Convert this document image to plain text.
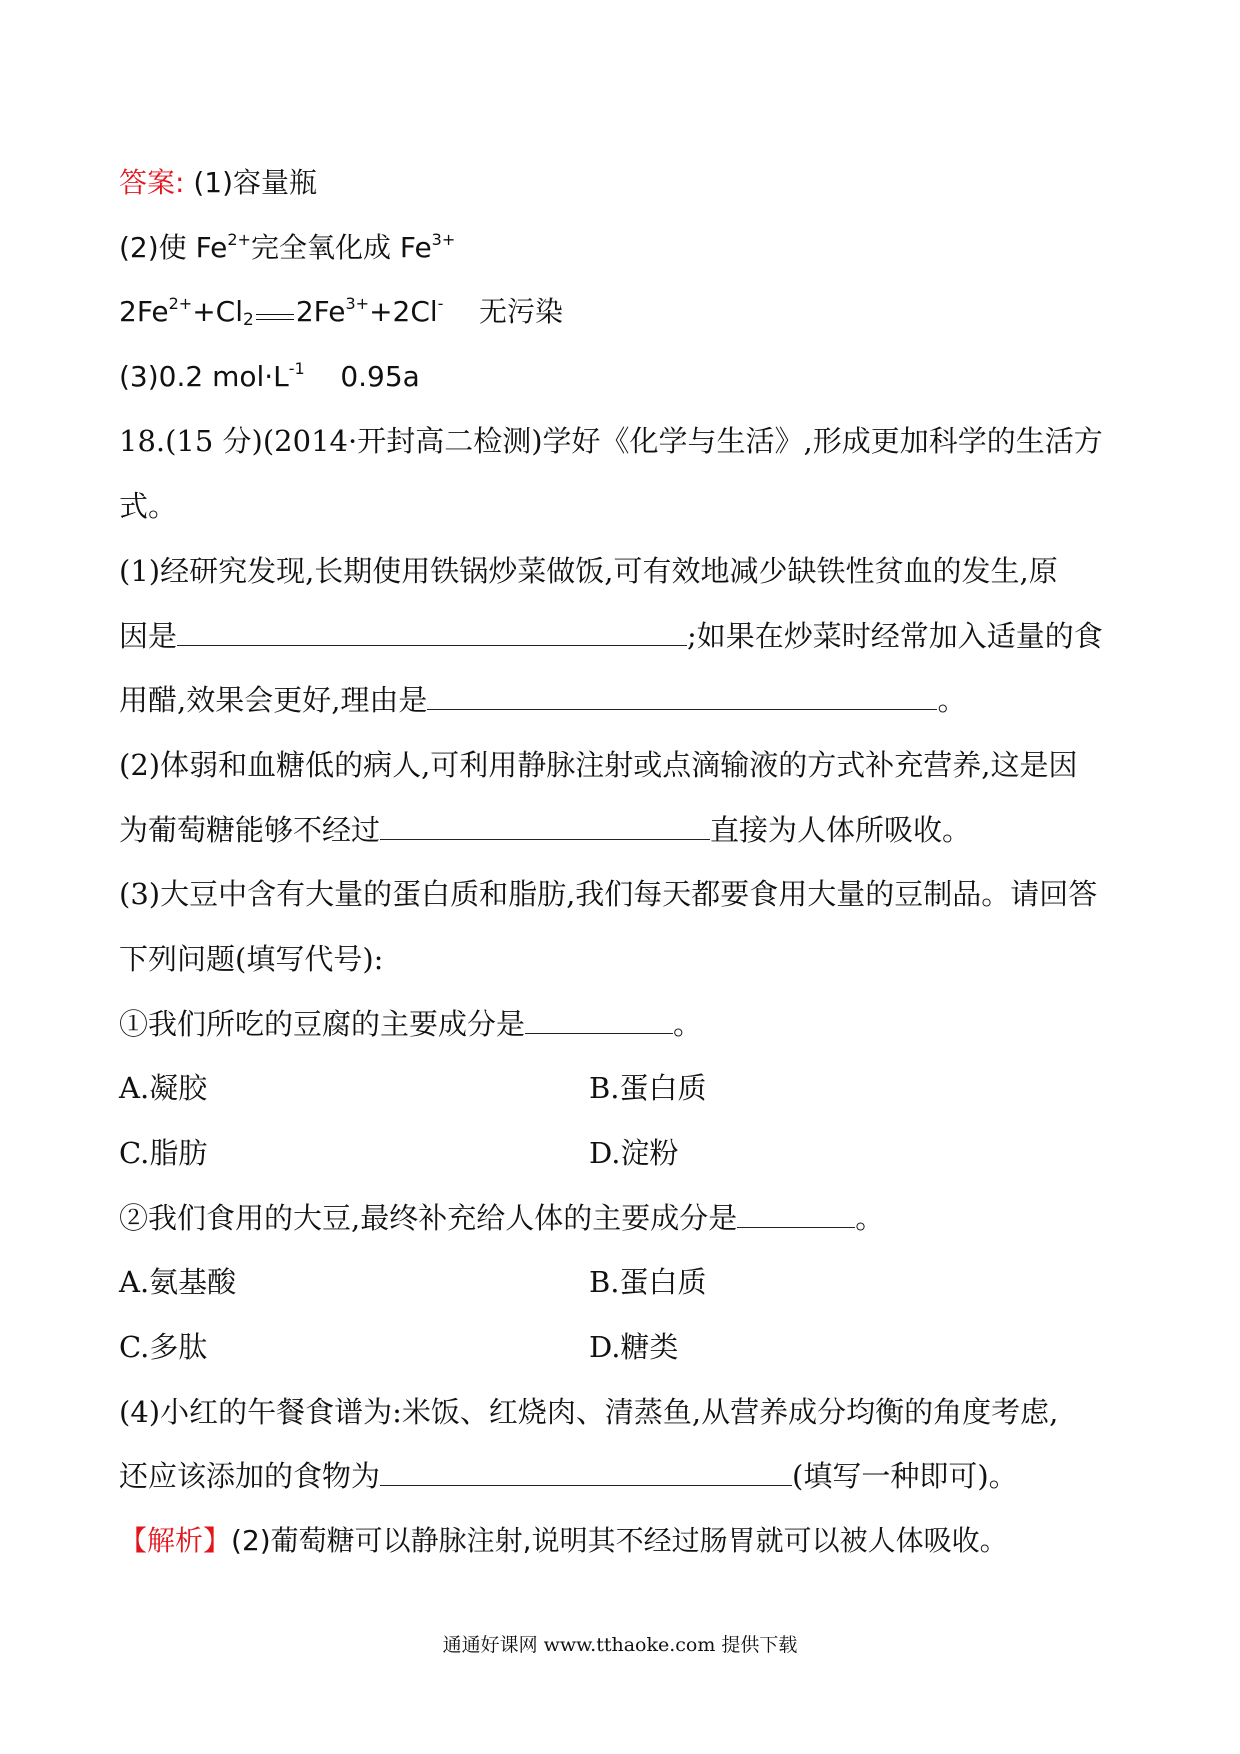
答案: (1)容量瓶
(2)使 $Fe^{2+}$完全氧化成 $Fe^{3+}$
$2Fe^{2+}+Cl_2$ $2Fe^{3+}+2Cl^-$    无污染
(3)0.2 $mol\cdot L^{-1}$    0.95a
18.(15 分)(2014·开封高二检测)学好《化学与生活》,形成更加科学的生活方
式。
(1)经研究发现,长期使用铁锅炒菜做饭,可有效地减少缺铁性贫血的发生,原
因是	;如果在炒菜时经常加入适量的食
用醋,效果会更好,理由是	。
(2)体弱和血糖低的病人,可利用静脉注射或点滴输液的方式补充营养,这是因
为葡萄糖能够不经过	直接为人体所吸收。
(3)大豆中含有大量的蛋白质和脂肪,我们每天都要食用大量的豆制品。请回答
下列问题(填写代号):
①我们所吃的豆腐的主要成分是	。
A.凝胶	B.蛋白质
C.脂肪	D.淀粉
②我们食用的大豆,最终补充给人体的主要成分是	。
A.氨基酸	B.蛋白质
C.多肽	D.糖类
(4)小红的午餐食谱为:米饭、红烧肉、清蒸鱼,从营养成分均衡的角度考虑,
还应该添加的食物为	(填写一种即可)。
【解析】(2)葡萄糖可以静脉注射,说明其不经过肠胃就可以被人体吸收。
通通好课网 www.tthaoke.com 提供下载
